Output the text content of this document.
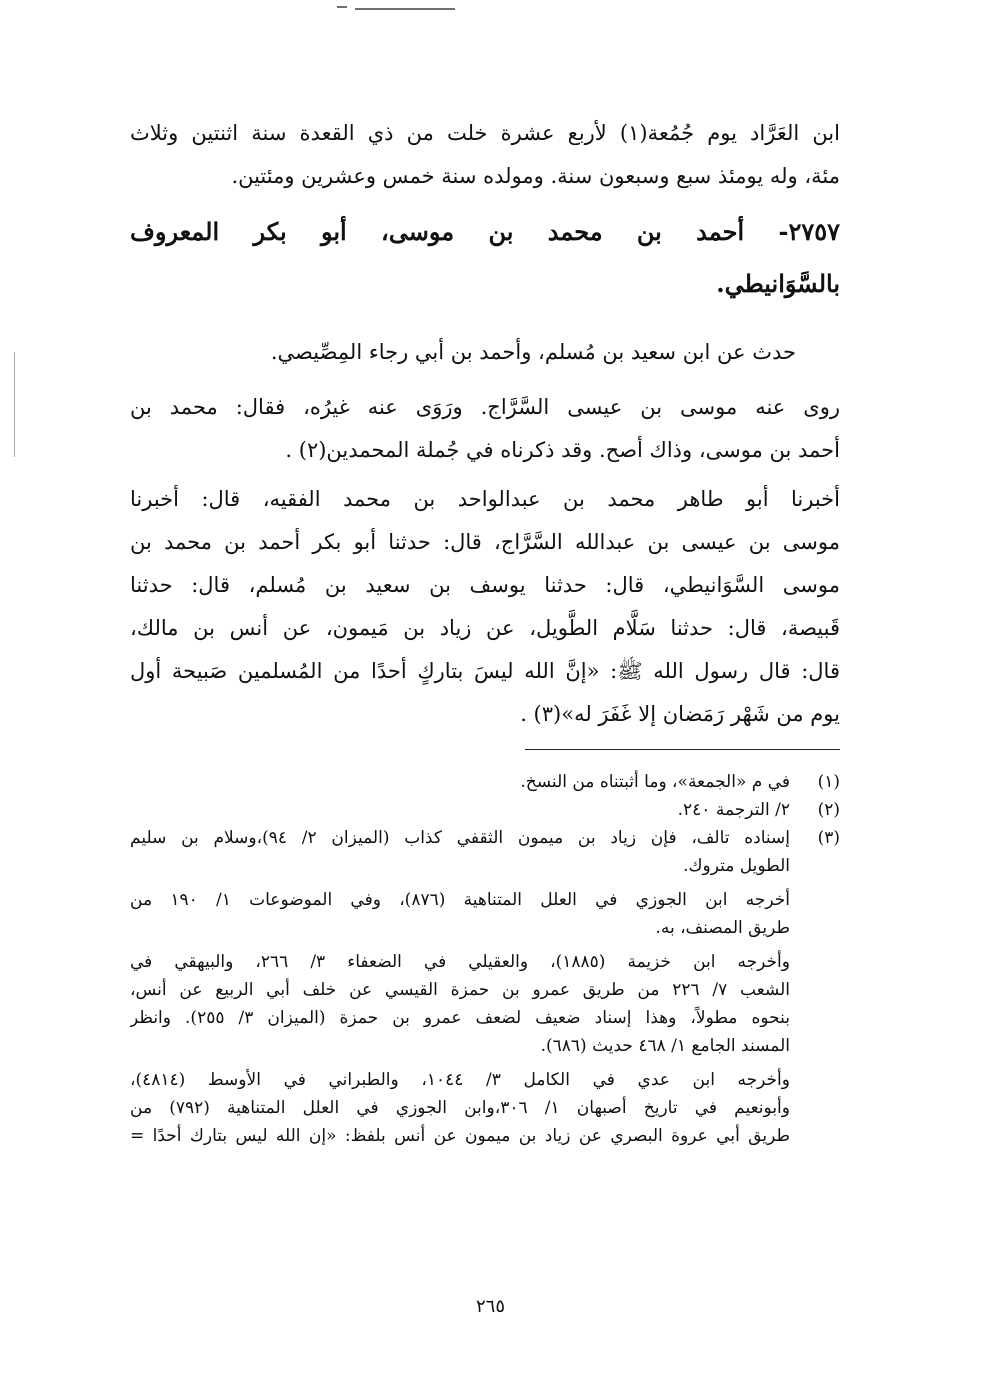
ابن العَرَّاد يوم جُمُعة(١) لأربع عشرة خلت من ذي القعدة سنة اثنتين وثلاث
مئة، وله يومئذ سبع وسبعون سنة. ومولده سنة خمس وعشرين ومئتين.
٢٧٥٧- أحمد بن محمد بن موسى، أبو بكر المعروف
بالسَّوَانيطي.
حدث عن ابن سعيد بن مُسلم، وأحمد بن أبي رجاء المِصِّيصي.
روى عنه موسى بن عيسى السَّرَّاج. ورَوَى عنه غيرُه، فقال: محمد بن
أحمد بن موسى، وذاك أصح. وقد ذكرناه في جُملة المحمدين(٢) .
أخبرنا أبو طاهر محمد بن عبدالواحد بن محمد الفقيه، قال: أخبرنا
موسى بن عيسى بن عبدالله السَّرَّاج، قال: حدثنا أبو بكر أحمد بن محمد بن
موسى السَّوَانيطي، قال: حدثنا يوسف بن سعيد بن مُسلم، قال: حدثنا
قَبيصة، قال: حدثنا سَلَّام الطَّويل، عن زياد بن مَيمون، عن أنس بن مالك،
قال: قال رسول الله ﷺ: «إنَّ الله ليسَ بتاركٍ أحدًا من المُسلمين صَبيحة أول
يوم من شَهْر رَمَضان إلا غَفَرَ له»(٣) .
(١)
في م «الجمعة»، وما أثبتناه من النسخ.
(٢)
٢/ الترجمة ٢٤٠.
(٣)
إسناده تالف، فإن زياد بن ميمون الثقفي كذاب (الميزان ٢/ ٩٤)،وسلام بن سليم
الطويل متروك.
أخرجه ابن الجوزي في العلل المتناهية (٨٧٦)، وفي الموضوعات ١/ ١٩٠ من
طريق المصنف، به.
وأخرجه ابن خزيمة (١٨٨٥)، والعقيلي في الضعفاء ٣/ ٢٦٦، والبيهقي في
الشعب ٧/ ٢٢٦ من طريق عمرو بن حمزة القيسي عن خلف أبي الربيع عن أنس،
بنحوه مطولاً، وهذا إسناد ضعيف لضعف عمرو بن حمزة (الميزان ٣/ ٢٥٥). وانظر
المسند الجامع ١/ ٤٦٨ حديث (٦٨٦).
وأخرجه ابن عدي في الكامل ٣/ ١٠٤٤، والطبراني في الأوسط (٤٨١٤)،
وأبونعيم في تاريخ أصبهان ١/ ٣٠٦،وابن الجوزي في العلل المتناهية (٧٩٢) من
طريق أبي عروة البصري عن زياد بن ميمون عن أنس بلفظ: «إن الله ليس بتارك أحدًا =
٢٦٥
